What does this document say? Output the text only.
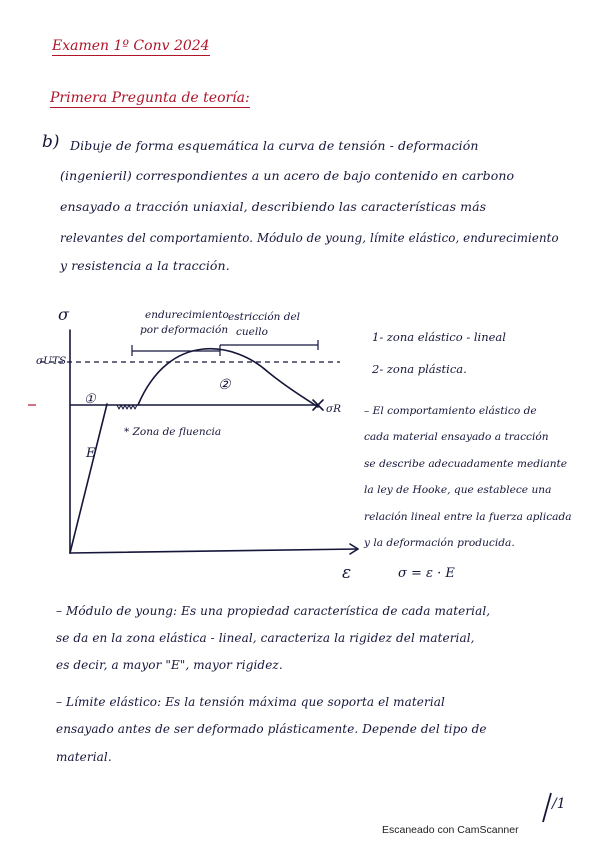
Examen 1º Conv 2024
Primera Pregunta de teoría:
b) Dibuje de forma esquemática la curva de tensión - deformación
(ingenieril) correspondientes a un acero de bajo contenido en carbono
ensayado a tracción uniaxial, describiendo las características más
relevantes del comportamiento. Módulo de young, límite elástico, endurecimiento
y resistencia a la tracción.
σ
ε
σUTS
①
②
E
σR
endurecimiento
por deformación
estricción del
cuello
* Zona de fluencia
1- zona elástico - lineal
2- zona plástica.
– El comportamiento elástico de
cada material ensayado a tracción
se describe adecuadamente mediante
la ley de Hooke, que establece una
relación lineal entre la fuerza aplicada
y la deformación producida.
σ = ε · E
– Módulo de young: Es una propiedad característica de cada material,
se da en la zona elástica - lineal, caracteriza la rigidez del material,
es decir, a mayor "E", mayor rigidez.
– Límite elástico: Es la tensión máxima que soporta el material
ensayado antes de ser deformado plásticamente. Depende del tipo de
material.
/1
Escaneado con CamScanner
